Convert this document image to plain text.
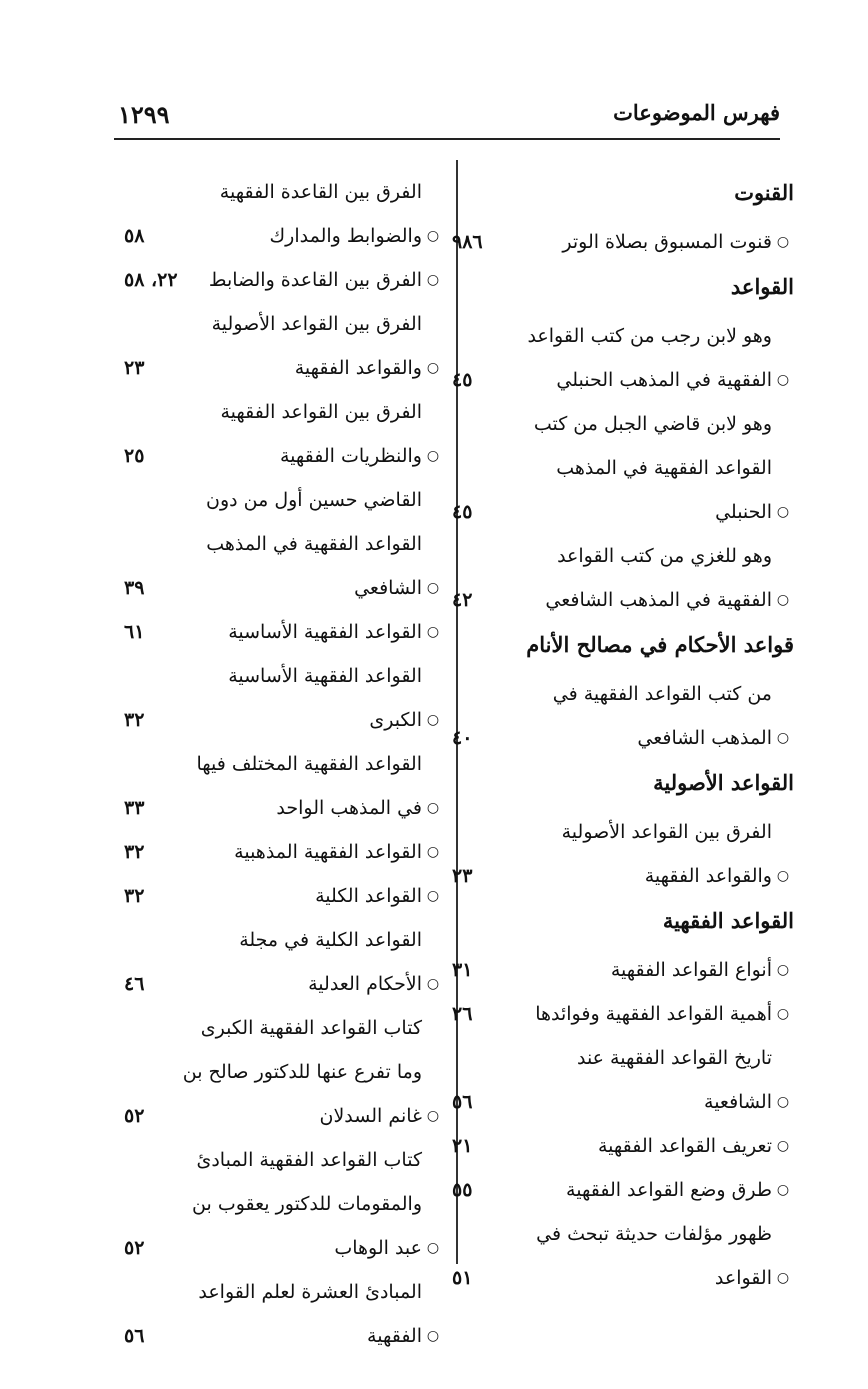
فهرس الموضوعات
١٢٩٩
القنوت
○
قنوت المسبوق بصلاة الوتر
٩٨٦
القواعد
○
وهو لابن رجب من كتب القواعد الفقهية في المذهب الحنبلي
٤٥
○
وهو لابن قاضي الجبل من كتب القواعد الفقهية في المذهب الحنبلي
٤٥
○
وهو للغزي من كتب القواعد الفقهية في المذهب الشافعي
٤٢
قواعد الأحكام في مصالح الأنام
○
من كتب القواعد الفقهية في المذهب الشافعي
٤٠
القواعد الأصولية
○
الفرق بين القواعد الأصولية والقواعد الفقهية
٢٣
القواعد الفقهية
○
أنواع القواعد الفقهية
٣١
○
أهمية القواعد الفقهية وفوائدها
٢٦
○
تاريخ القواعد الفقهية عند الشافعية
٥٦
○
تعريف القواعد الفقهية
٢١
○
طرق وضع القواعد الفقهية
٥٥
○
ظهور مؤلفات حديثة تبحث في القواعد
٥١
○
الفرق بين القاعدة الفقهية والضوابط والمدارك
٥٨
○
الفرق بين القاعدة والضابط
٢٢، ٥٨
○
الفرق بين القواعد الأصولية والقواعد الفقهية
٢٣
○
الفرق بين القواعد الفقهية والنظريات الفقهية
٢٥
○
القاضي حسين أول من دون القواعد الفقهية في المذهب الشافعي
٣٩
○
القواعد الفقهية الأساسية
٦١
○
القواعد الفقهية الأساسية الكبرى
٣٢
○
القواعد الفقهية المختلف فيها في المذهب الواحد
٣٣
○
القواعد الفقهية المذهبية
٣٢
○
القواعد الكلية
٣٢
○
القواعد الكلية في مجلة الأحكام العدلية
٤٦
○
كتاب القواعد الفقهية الكبرى وما تفرع عنها للدكتور صالح بن غانم السدلان
٥٢
○
كتاب القواعد الفقهية المبادئ والمقومات للدكتور يعقوب بن عبد الوهاب
٥٢
○
المبادئ العشرة لعلم القواعد الفقهية
٥٦
